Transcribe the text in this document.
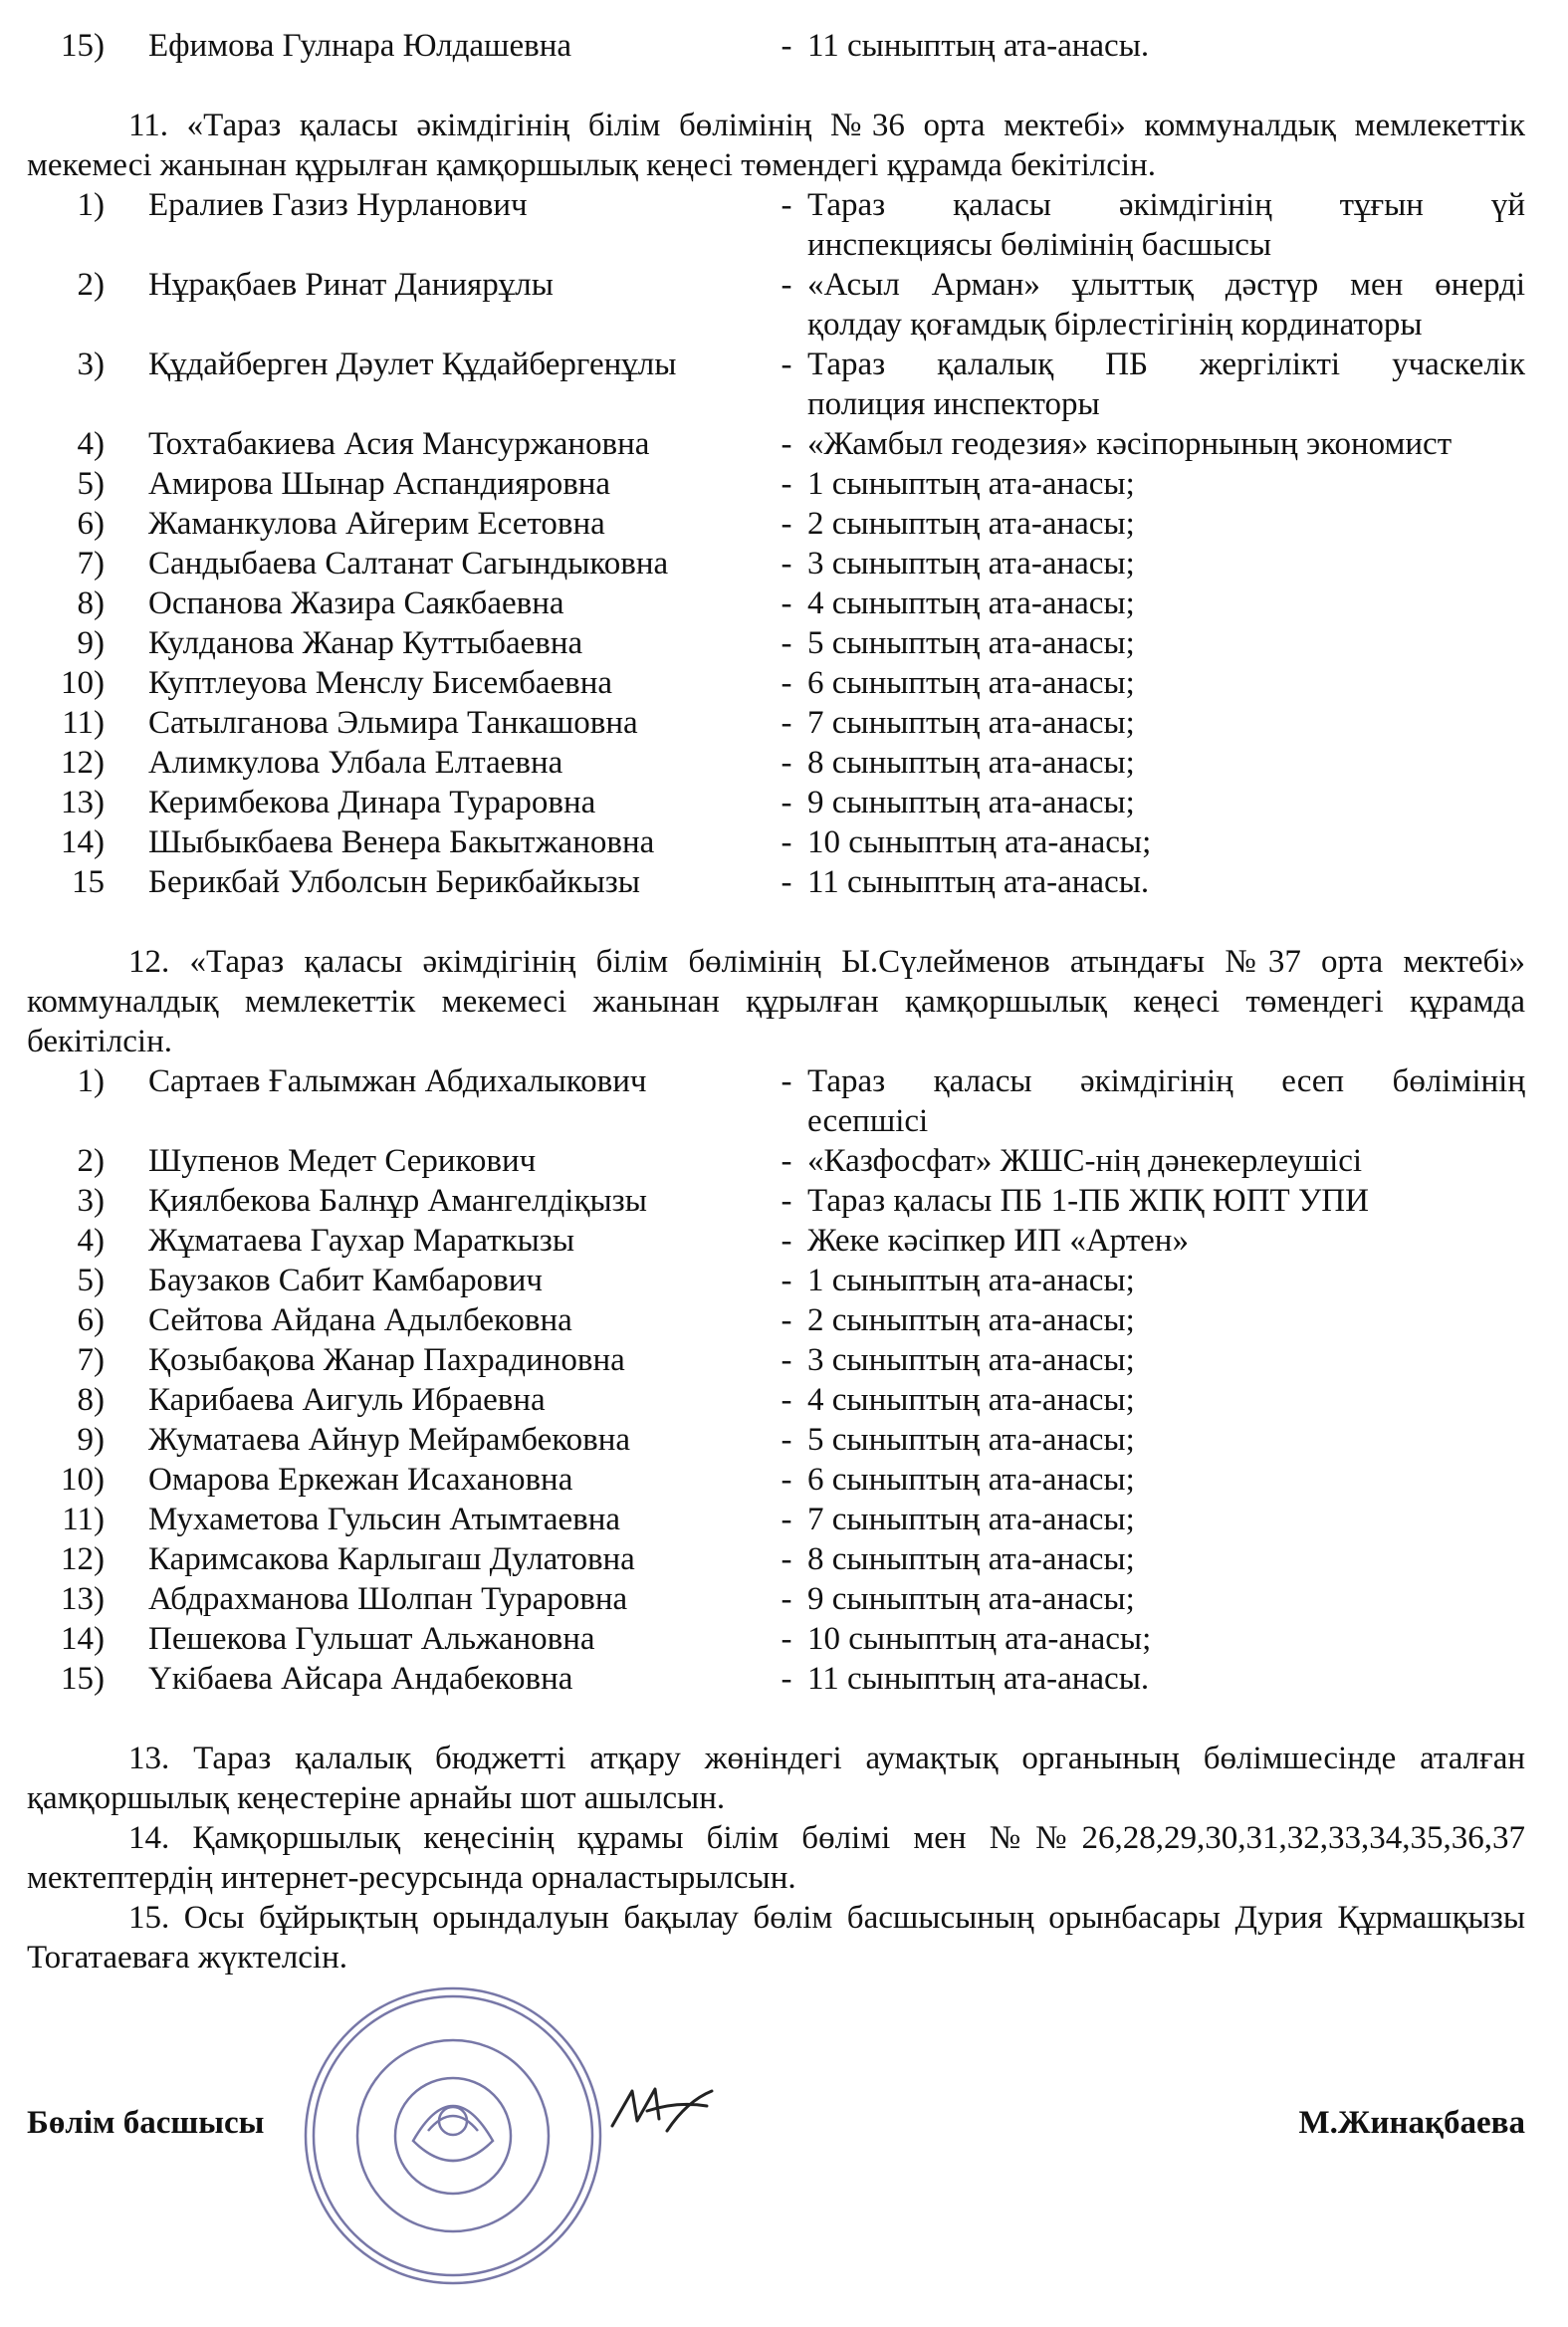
15)	Ефимова Гулнара Юлдашевна	- 11 сыныптың ата-анасы.
11. «Тараз қаласы әкімдігінің білім бөлімінің №36 орта мектебі» коммуналдық мемлекеттік мекемесі жанынан құрылған қамқоршылық кеңесі төмендегі құрамда бекітілсін.
1)	Ералиев Газиз Нурланович	- Тараз қаласы әкімдігінің тұғын үй
инспекциясы бөлімінің басшысы
2)	Нұрақбаев Ринат Даниярұлы	- «Асыл Арман» ұлыттық дәстүр мен өнерді
қолдау қоғамдық бірлестігінің кординаторы
3)	Құдайберген Дәулет Құдайбергенұлы	- Тараз қалалық ПБ жергілікті учаскелік
полиция инспекторы
4)	Тохтабакиева Асия Мансуржановна	- «Жамбыл геодезия» кәсіпорнының экономист
5)	Амирова Шынар Аспандияровна	- 1 сыныптың ата-анасы;
6)	Жаманкулова Айгерим Есетовна	- 2 сыныптың ата-анасы;
7)	Сандыбаева Салтанат Сагындыковна	- 3 сыныптың ата-анасы;
8)	Оспанова Жазира Саякбаевна	- 4 сыныптың ата-анасы;
9)	Кулданова Жанар Куттыбаевна	- 5 сыныптың ата-анасы;
10)	Куптлеуова Менслу Бисембаевна	- 6 сыныптың ата-анасы;
11)	Сатылганова Эльмира Танкашовна	- 7 сыныптың ата-анасы;
12)	Алимкулова Улбала Елтаевна	- 8 сыныптың ата-анасы;
13)	Керимбекова Динара Турaровна	- 9 сыныптың ата-анасы;
14)	Шыбыкбаева Венера Бакытжановна	- 10 сыныптың ата-анасы;
15	Берикбай Улболсын Берикбайкызы	- 11 сыныптың ата-анасы.
12. «Тараз қаласы әкімдігінің білім бөлімінің Ы.Сүлейменов атындағы №37 орта мектебі» коммуналдық мемлекеттік мекемесі жанынан құрылған қамқоршылық кеңесі төмендегі құрамда бекітілсін.
1)	Сартаев Ғалымжан Абдихалыкович	- Тараз қаласы әкімдігінің есеп бөлімінің
есепшісі
2)	Шупенов Медет Серикович	- «Казфосфат» ЖШС-нің дәнекерлеушісі
3)	Қиялбекова Балнұр Амангелдіқызы	- Тараз қаласы ПБ 1-ПБ ЖПҚ ЮПТ УПИ
4)	Жұматаева Гаухар Мараткызы	- Жеке кәсіпкер ИП «Артен»
5)	Баузаков Сабит Камбарович	- 1 сыныптың ата-анасы;
6)	Сейтова Айдана Адылбековна	- 2 сыныптың ата-анасы;
7)	Қозыбақова Жанар Пахрадиновна	- 3 сыныптың ата-анасы;
8)	Карибаева Аигуль Ибраевна	- 4 сыныптың ата-анасы;
9)	Жуматаева Айнур Мейрамбековна	- 5 сыныптың ата-анасы;
10)	Омарова Еркежан Исахановна	- 6 сыныптың ата-анасы;
11)	Мухаметова Гульсин Атымтаевна	- 7 сыныптың ата-анасы;
12)	Каримсакова Карлыгаш Дулатовна	- 8 сыныптың ата-анасы;
13)	Абдрахманова Шолпан Тураровна	- 9 сыныптың ата-анасы;
14)	Пешекова Гульшат Альжановна	- 10 сыныптың ата-анасы;
15)	Үкібаева Айсара Андабековна	- 11 сыныптың ата-анасы.
13. Тараз қалалық бюджетті атқару жөніндегі аумақтық органының бөлімшесінде аталған қамқоршылық кеңестеріне арнайы шот ашылсын.
14. Қамқоршылық кеңесінің құрамы білім бөлімі мен №№26,28,29,30,31,32,33,34,35,36,37 мектептердің интернет-ресурсында орналастырылсын.
15. Осы бұйрықтың орындалуын бақылау бөлім басшысының орынбасары Дурия Құрмашқызы Тогатаеваға жүктелсін.
Бөлім басшысы	М.Жинақбаева
